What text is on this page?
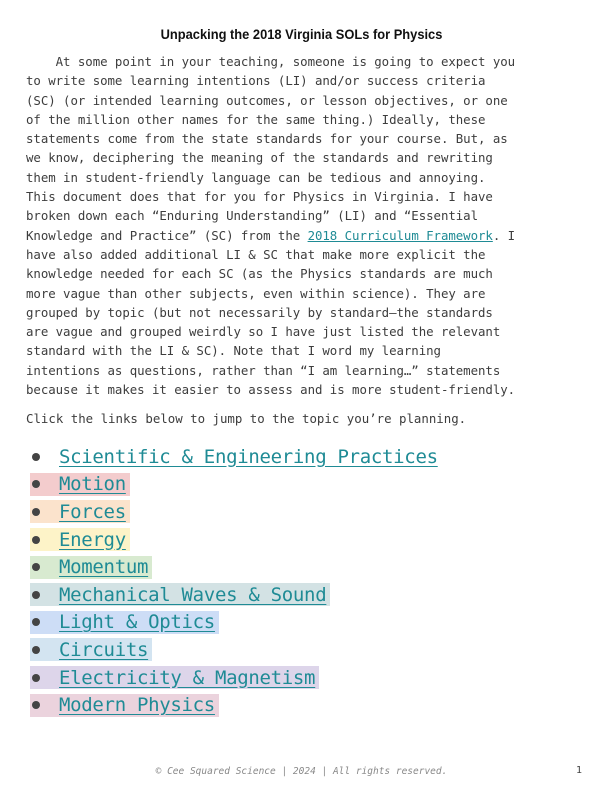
Unpacking the 2018 Virginia SOLs for Physics

At some point in your teaching, someone is going to expect you
to write some learning intentions (LI) and/or success criteria
(SC) (or intended learning outcomes, or lesson objectives, or one
of the million other names for the same thing.) Ideally, these
statements come from the state standards for your course. But, as
we know, deciphering the meaning of the standards and rewriting
them in student-friendly language can be tedious and annoying.
This document does that for you for Physics in Virginia. I have
broken down each “Enduring Understanding” (LI) and “Essential
Knowledge and Practice” (SC) from the 2018 Curriculum Framework. I
have also added additional LI & SC that make more explicit the
knowledge needed for each SC (as the Physics standards are much
more vague than other subjects, even within science). They are
grouped by topic (but not necessarily by standard—the standards
are vague and grouped weirdly so I have just listed the relevant
standard with the LI & SC). Note that I word my learning
intentions as questions, rather than “I am learning…” statements
because it makes it easier to assess and is more student-friendly.

Click the links below to jump to the topic you’re planning.

Scientific & Engineering Practices
Motion
Forces
Energy
Momentum
Mechanical Waves & Sound
Light & Optics
Circuits
Electricity & Magnetism
Modern Physics
© Cee Squared Science | 2024 | All rights reserved.	1
